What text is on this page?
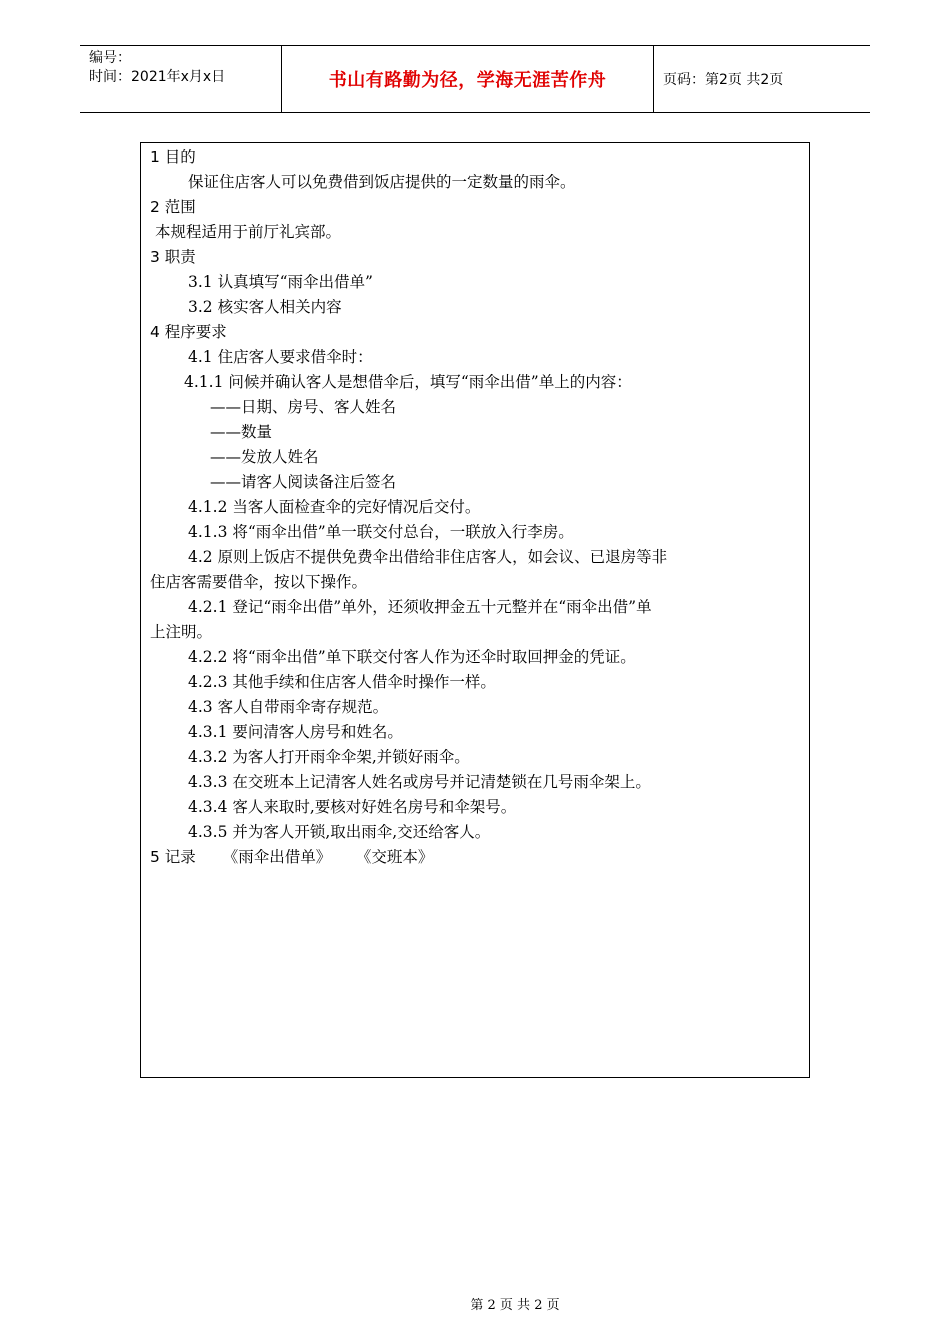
编号：
时间：2021年x月x日	书山有路勤为径，学海无涯苦作舟	页码：第2页 共2页
1 目的
保证住店客人可以免费借到饭店提供的一定数量的雨伞。
2 范围
本规程适用于前厅礼宾部。
3 职责
3.1 认真填写“雨伞出借单”
3.2 核实客人相关内容
4 程序要求
4.1 住店客人要求借伞时：
4.1.1 问候并确认客人是想借伞后，填写“雨伞出借”单上的内容：
——日期、房号、客人姓名
——数量
——发放人姓名
——请客人阅读备注后签名
4.1.2 当客人面检查伞的完好情况后交付。
4.1.3 将“雨伞出借”单一联交付总台，一联放入行李房。
4.2 原则上饭店不提供免费伞出借给非住店客人，如会议、已退房等非
住店客需要借伞，按以下操作。
4.2.1 登记“雨伞出借”单外，还须收押金五十元整并在“雨伞出借”单
上注明。
4.2.2 将“雨伞出借”单下联交付客人作为还伞时取回押金的凭证。
4.2.3 其他手续和住店客人借伞时操作一样。
4.3 客人自带雨伞寄存规范。
4.3.1 要问清客人房号和姓名。
4.3.2 为客人打开雨伞伞架,并锁好雨伞。
4.3.3 在交班本上记清客人姓名或房号并记清楚锁在几号雨伞架上。
4.3.4 客人来取时,要核对好姓名房号和伞架号。
4.3.5 并为客人开锁,取出雨伞,交还给客人。
5 记录 《雨伞出借单》     《交班本》
第 2 页 共 2 页
